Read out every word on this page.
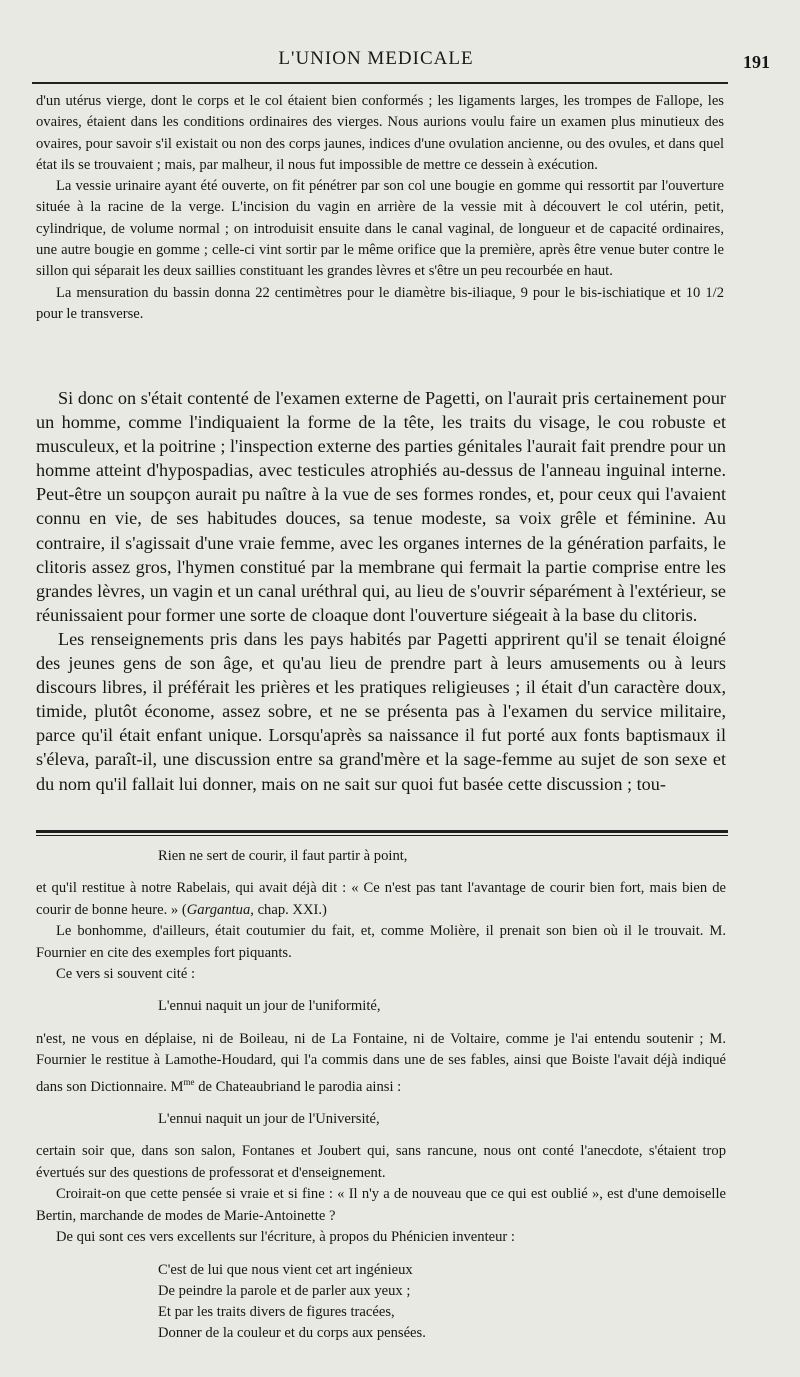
L'UNION MEDICALE	191

d'un utérus vierge, dont le corps et le col étaient bien conformés ; les ligaments larges, les trompes de Fallope, les ovaires, étaient dans les conditions ordinaires des vierges. Nous aurions voulu faire un examen plus minutieux des ovaires, pour savoir s'il existait ou non des corps jaunes, indices d'une ovulation ancienne, ou des ovules, et dans quel état ils se trouvaient ; mais, par malheur, il nous fut impossible de mettre ce dessein à exécution.

La vessie urinaire ayant été ouverte, on fit pénétrer par son col une bougie en gomme qui ressortit par l'ouverture située à la racine de la verge. L'incision du vagin en arrière de la vessie mit à découvert le col utérin, petit, cylindrique, de volume normal ; on introduisit ensuite dans le canal vaginal, de longueur et de capacité ordinaires, une autre bougie en gomme ; celle-ci vint sortir par le même orifice que la première, après être venue buter contre le sillon qui séparait les deux saillies constituant les grandes lèvres et s'être un peu recourbée en haut.

La mensuration du bassin donna 22 centimètres pour le diamètre bis-iliaque, 9 pour le bis-ischiatique et 10 1/2 pour le transverse.

Si donc on s'était contenté de l'examen externe de Pagetti, on l'aurait pris certainement pour un homme, comme l'indiquaient la forme de la tête, les traits du visage, le cou robuste et musculeux, et la poitrine ; l'inspection externe des parties génitales l'aurait fait prendre pour un homme atteint d'hypospadias, avec testicules atrophiés au-dessus de l'anneau inguinal interne. Peut-être un soupçon aurait pu naître à la vue de ses formes rondes, et, pour ceux qui l'avaient connu en vie, de ses habitudes douces, sa tenue modeste, sa voix grêle et féminine. Au contraire, il s'agissait d'une vraie femme, avec les organes internes de la génération parfaits, le clitoris assez gros, l'hymen constitué par la membrane qui fermait la partie comprise entre les grandes lèvres, un vagin et un canal uréthral qui, au lieu de s'ouvrir séparément à l'extérieur, se réunissaient pour former une sorte de cloaque dont l'ouverture siégeait à la base du clitoris.

Les renseignements pris dans les pays habités par Pagetti apprirent qu'il se tenait éloigné des jeunes gens de son âge, et qu'au lieu de prendre part à leurs amusements ou à leurs discours libres, il préférait les prières et les pratiques religieuses ; il était d'un caractère doux, timide, plutôt économe, assez sobre, et ne se présenta pas à l'examen du service militaire, parce qu'il était enfant unique. Lorsqu'après sa naissance il fut porté aux fonts baptismaux il s'éleva, paraît-il, une discussion entre sa grand'mère et la sage-femme au sujet de son sexe et du nom qu'il fallait lui donner, mais on ne sait sur quoi fut basée cette discussion ; tou-

Rien ne sert de courir, il faut partir à point,

et qu'il restitue à notre Rabelais, qui avait déjà dit : « Ce n'est pas tant l'avantage de courir bien fort, mais bien de courir de bonne heure. » (Gargantua, chap. XXI.)

Le bonhomme, d'ailleurs, était coutumier du fait, et, comme Molière, il prenait son bien où il le trouvait. M. Fournier en cite des exemples fort piquants.

Ce vers si souvent cité :

L'ennui naquit un jour de l'uniformité,

n'est, ne vous en déplaise, ni de Boileau, ni de La Fontaine, ni de Voltaire, comme je l'ai entendu soutenir ; M. Fournier le restitue à Lamothe-Houdard, qui l'a commis dans une de ses fables, ainsi que Boiste l'avait déjà indiqué dans son Dictionnaire. $M^{me}$ de Chateaubriand le parodia ainsi :

L'ennui naquit un jour de l'Université,

certain soir que, dans son salon, Fontanes et Joubert qui, sans rancune, nous ont conté l'anecdote, s'étaient trop évertués sur des questions de professorat et d'enseignement.

Croirait-on que cette pensée si vraie et si fine : « Il n'y a de nouveau que ce qui est oublié », est d'une demoiselle Bertin, marchande de modes de Marie-Antoinette ?

De qui sont ces vers excellents sur l'écriture, à propos du Phénicien inventeur :

C'est de lui que nous vient cet art ingénieux
De peindre la parole et de parler aux yeux ;
Et par les traits divers de figures tracées,
Donner de la couleur et du corps aux pensées.
